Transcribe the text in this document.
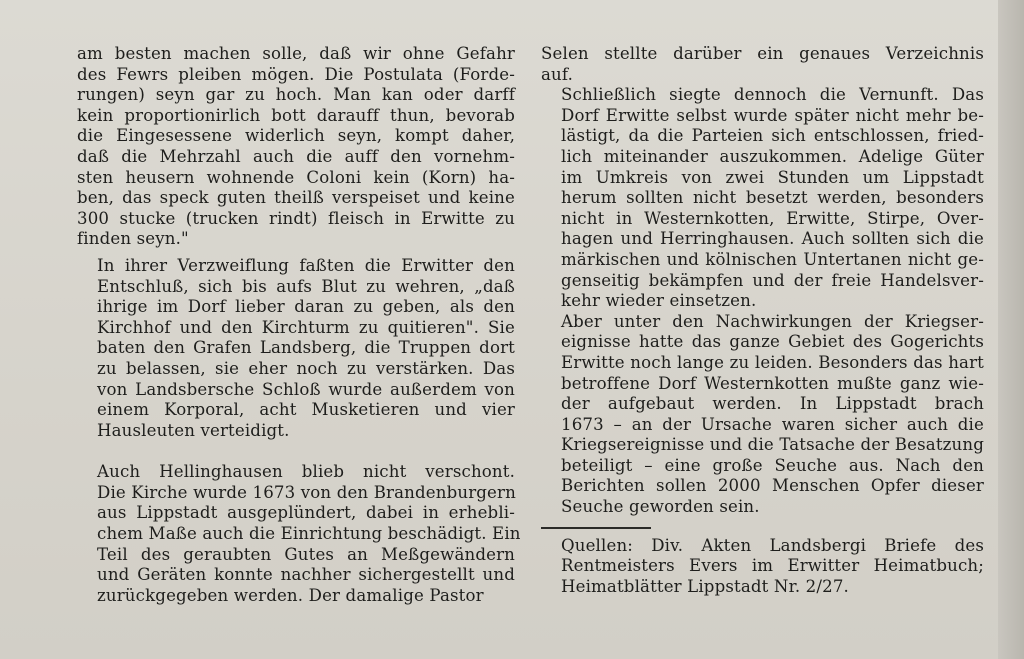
am besten machen solle, daß wir ohne Gefahr
des Fewrs pleiben mögen. Die Postulata (Forde-
rungen) seyn gar zu hoch. Man kan oder darff
kein proportionirlich bott darauff thun, bevorab
die Eingesessene widerlich seyn, kompt daher,
daß die Mehrzahl auch die auff den vornehm-
sten heusern wohnende Coloni kein (Korn) ha-
ben, das speck guten theilß verspeiset und keine
300 stucke (trucken rindt) fleisch in Erwitte zu
finden seyn."

In ihrer Verzweiflung faßten die Erwitter den
Entschluß, sich bis aufs Blut zu wehren, „daß
ihrige im Dorf lieber daran zu geben, als den
Kirchhof und den Kirchturm zu quitieren". Sie
baten den Grafen Landsberg, die Truppen dort
zu belassen, sie eher noch zu verstärken. Das
von Landsbersche Schloß wurde außerdem von
einem Korporal, acht Musketieren und vier
Hausleuten verteidigt.

Auch Hellinghausen blieb nicht verschont.
Die Kirche wurde 1673 von den Brandenburgern
aus Lippstadt ausgeplündert, dabei in erhebli-
chem Maße auch die Einrichtung beschädigt. Ein
Teil des geraubten Gutes an Meßgewändern
und Geräten konnte nachher sichergestellt und
zurückgegeben werden. Der damalige Pastor

Selen stellte darüber ein genaues Verzeichnis
auf.

Schließlich siegte dennoch die Vernunft. Das
Dorf Erwitte selbst wurde später nicht mehr be-
lästigt, da die Parteien sich entschlossen, fried-
lich miteinander auszukommen. Adelige Güter
im Umkreis von zwei Stunden um Lippstadt
herum sollten nicht besetzt werden, besonders
nicht in Westernkotten, Erwitte, Stirpe, Over-
hagen und Herringhausen. Auch sollten sich die
märkischen und kölnischen Untertanen nicht ge-
genseitig bekämpfen und der freie Handelsver-
kehr wieder einsetzen.

Aber unter den Nachwirkungen der Kriegser-
eignisse hatte das ganze Gebiet des Gogerichts
Erwitte noch lange zu leiden. Besonders das hart
betroffene Dorf Westernkotten mußte ganz wie-
der aufgebaut werden. In Lippstadt brach
1673 – an der Ursache waren sicher auch die
Kriegsereignisse und die Tatsache der Besatzung
beteiligt – eine große Seuche aus. Nach den
Berichten sollen 2000 Menschen Opfer dieser
Seuche geworden sein.

Quellen: Div. Akten Landsbergi Briefe des
Rentmeisters Evers im Erwitter Heimatbuch;
Heimatblätter Lippstadt Nr. 2/27.
